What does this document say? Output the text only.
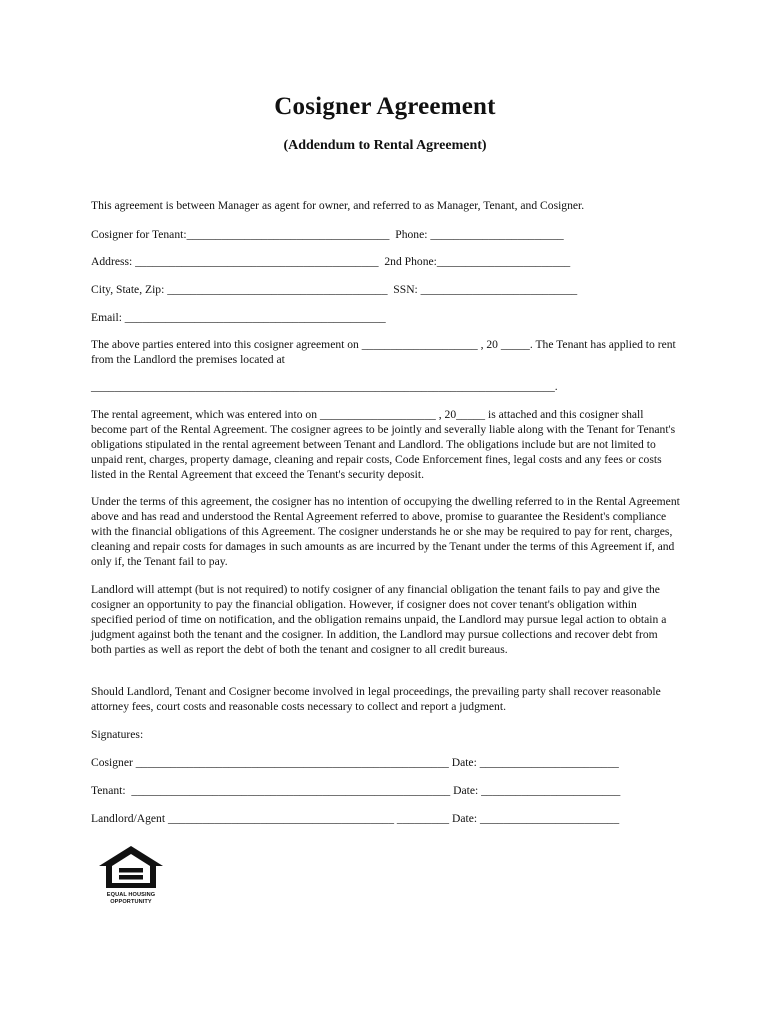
Cosigner Agreement
(Addendum to Rental Agreement)
This agreement is between Manager as agent for owner, and referred to as Manager, Tenant, and Cosigner.
Cosigner for Tenant:___________________________________  Phone: _______________________
Address: __________________________________________  2nd Phone:_______________________
City, State, Zip: ______________________________________  SSN: ___________________________
Email: _____________________________________________

The above parties entered into this cosigner agreement on ____________________ , 20 _____. The Tenant has applied to rent from the Landlord the premises located at

________________________________________________________________________________.

The rental agreement, which was entered into on ____________________ , 20_____ is attached and this cosigner shall become part of the Rental Agreement. The cosigner agrees to be jointly and severally liable along with the Tenant for Tenant's obligations stipulated in the rental agreement between Tenant and Landlord. The obligations include but are not limited to unpaid rent, charges, property damage, cleaning and repair costs, Code Enforcement fines, legal costs and any fees or costs listed in the Rental Agreement that exceed the Tenant's security deposit.

Under the terms of this agreement, the cosigner has no intention of occupying the dwelling referred to in the Rental Agreement above and has read and understood the Rental Agreement referred to above, promise to guarantee the Resident's compliance with the financial obligations of this Agreement. The cosigner understands he or she may be required to pay for rent, charges, cleaning and repair costs for damages in such amounts as are incurred by the Tenant under the terms of this Agreement if, and only if, the Tenant fail to pay.

Landlord will attempt (but is not required) to notify cosigner of any financial obligation the tenant fails to pay and give the cosigner an opportunity to pay the financial obligation. However, if cosigner does not cover tenant's obligation within specified period of time on notification, and the obligation remains unpaid, the Landlord may pursue legal action to obtain a judgment against both the tenant and the cosigner. In addition, the Landlord may pursue collections and recover debt from both parties as well as report the debt of both the tenant and cosigner to all credit bureaus.

Should Landlord, Tenant and Cosigner become involved in legal proceedings, the prevailing party shall recover reasonable attorney fees, court costs and reasonable costs necessary to collect and report a judgment.

Signatures:
Cosigner ______________________________________________________ Date: ________________________
Tenant:  _______________________________________________________ Date: ________________________
Landlord/Agent _______________________________________ _________ Date: ________________________
EQUAL HOUSING
OPPORTUNITY
